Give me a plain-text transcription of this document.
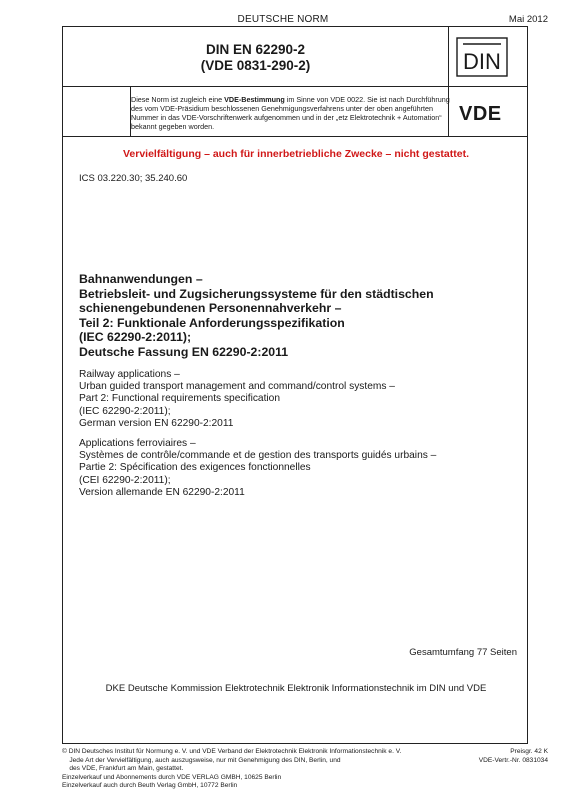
DEUTSCHE NORM	Mai 2012
DIN EN 62290-2
(VDE 0831-290-2)	DIN
Diese Norm ist zugleich eine VDE-Bestimmung im Sinne von VDE 0022. Sie ist nach Durchführung des vom VDE-Präsidium beschlossenen Genehmigungsverfahrens unter der oben angeführten Nummer in das VDE-Vorschriftenwerk aufgenommen und in der „etz Elektrotechnik + Automation“ bekannt gegeben worden.
VDE
Vervielfältigung – auch für innerbetriebliche Zwecke – nicht gestattet.
ICS 03.220.30; 35.240.60
Bahnanwendungen –
Betriebsleit- und Zugsicherungssysteme für den städtischen
schienengebundenen Personennahverkehr –
Teil 2: Funktionale Anforderungsspezifikation
(IEC 62290-2:2011);
Deutsche Fassung EN 62290-2:2011
Railway applications –
Urban guided transport management and command/control systems –
Part 2: Functional requirements specification
(IEC 62290-2:2011);
German version EN 62290-2:2011
Applications ferroviaires –
Systèmes de contrôle/commande et de gestion des transports guidés urbains –
Partie 2: Spécification des exigences fonctionnelles
(CEI 62290-2:2011);
Version allemande EN 62290-2:2011
Gesamtumfang 77 Seiten
DKE Deutsche Kommission Elektrotechnik Elektronik Informationstechnik im DIN und VDE
© DIN Deutsches Institut für Normung e. V. und VDE Verband der Elektrotechnik Elektronik Informationstechnik e. V.
Jede Art der Vervielfältigung, auch auszugsweise, nur mit Genehmigung des DIN, Berlin, und
des VDE, Frankfurt am Main, gestattet.
Einzelverkauf und Abonnements durch VDE VERLAG GMBH, 10625 Berlin
Einzelverkauf auch durch Beuth Verlag GmbH, 10772 Berlin
Preisgr. 42 K
VDE-Vertr.-Nr. 0831034
